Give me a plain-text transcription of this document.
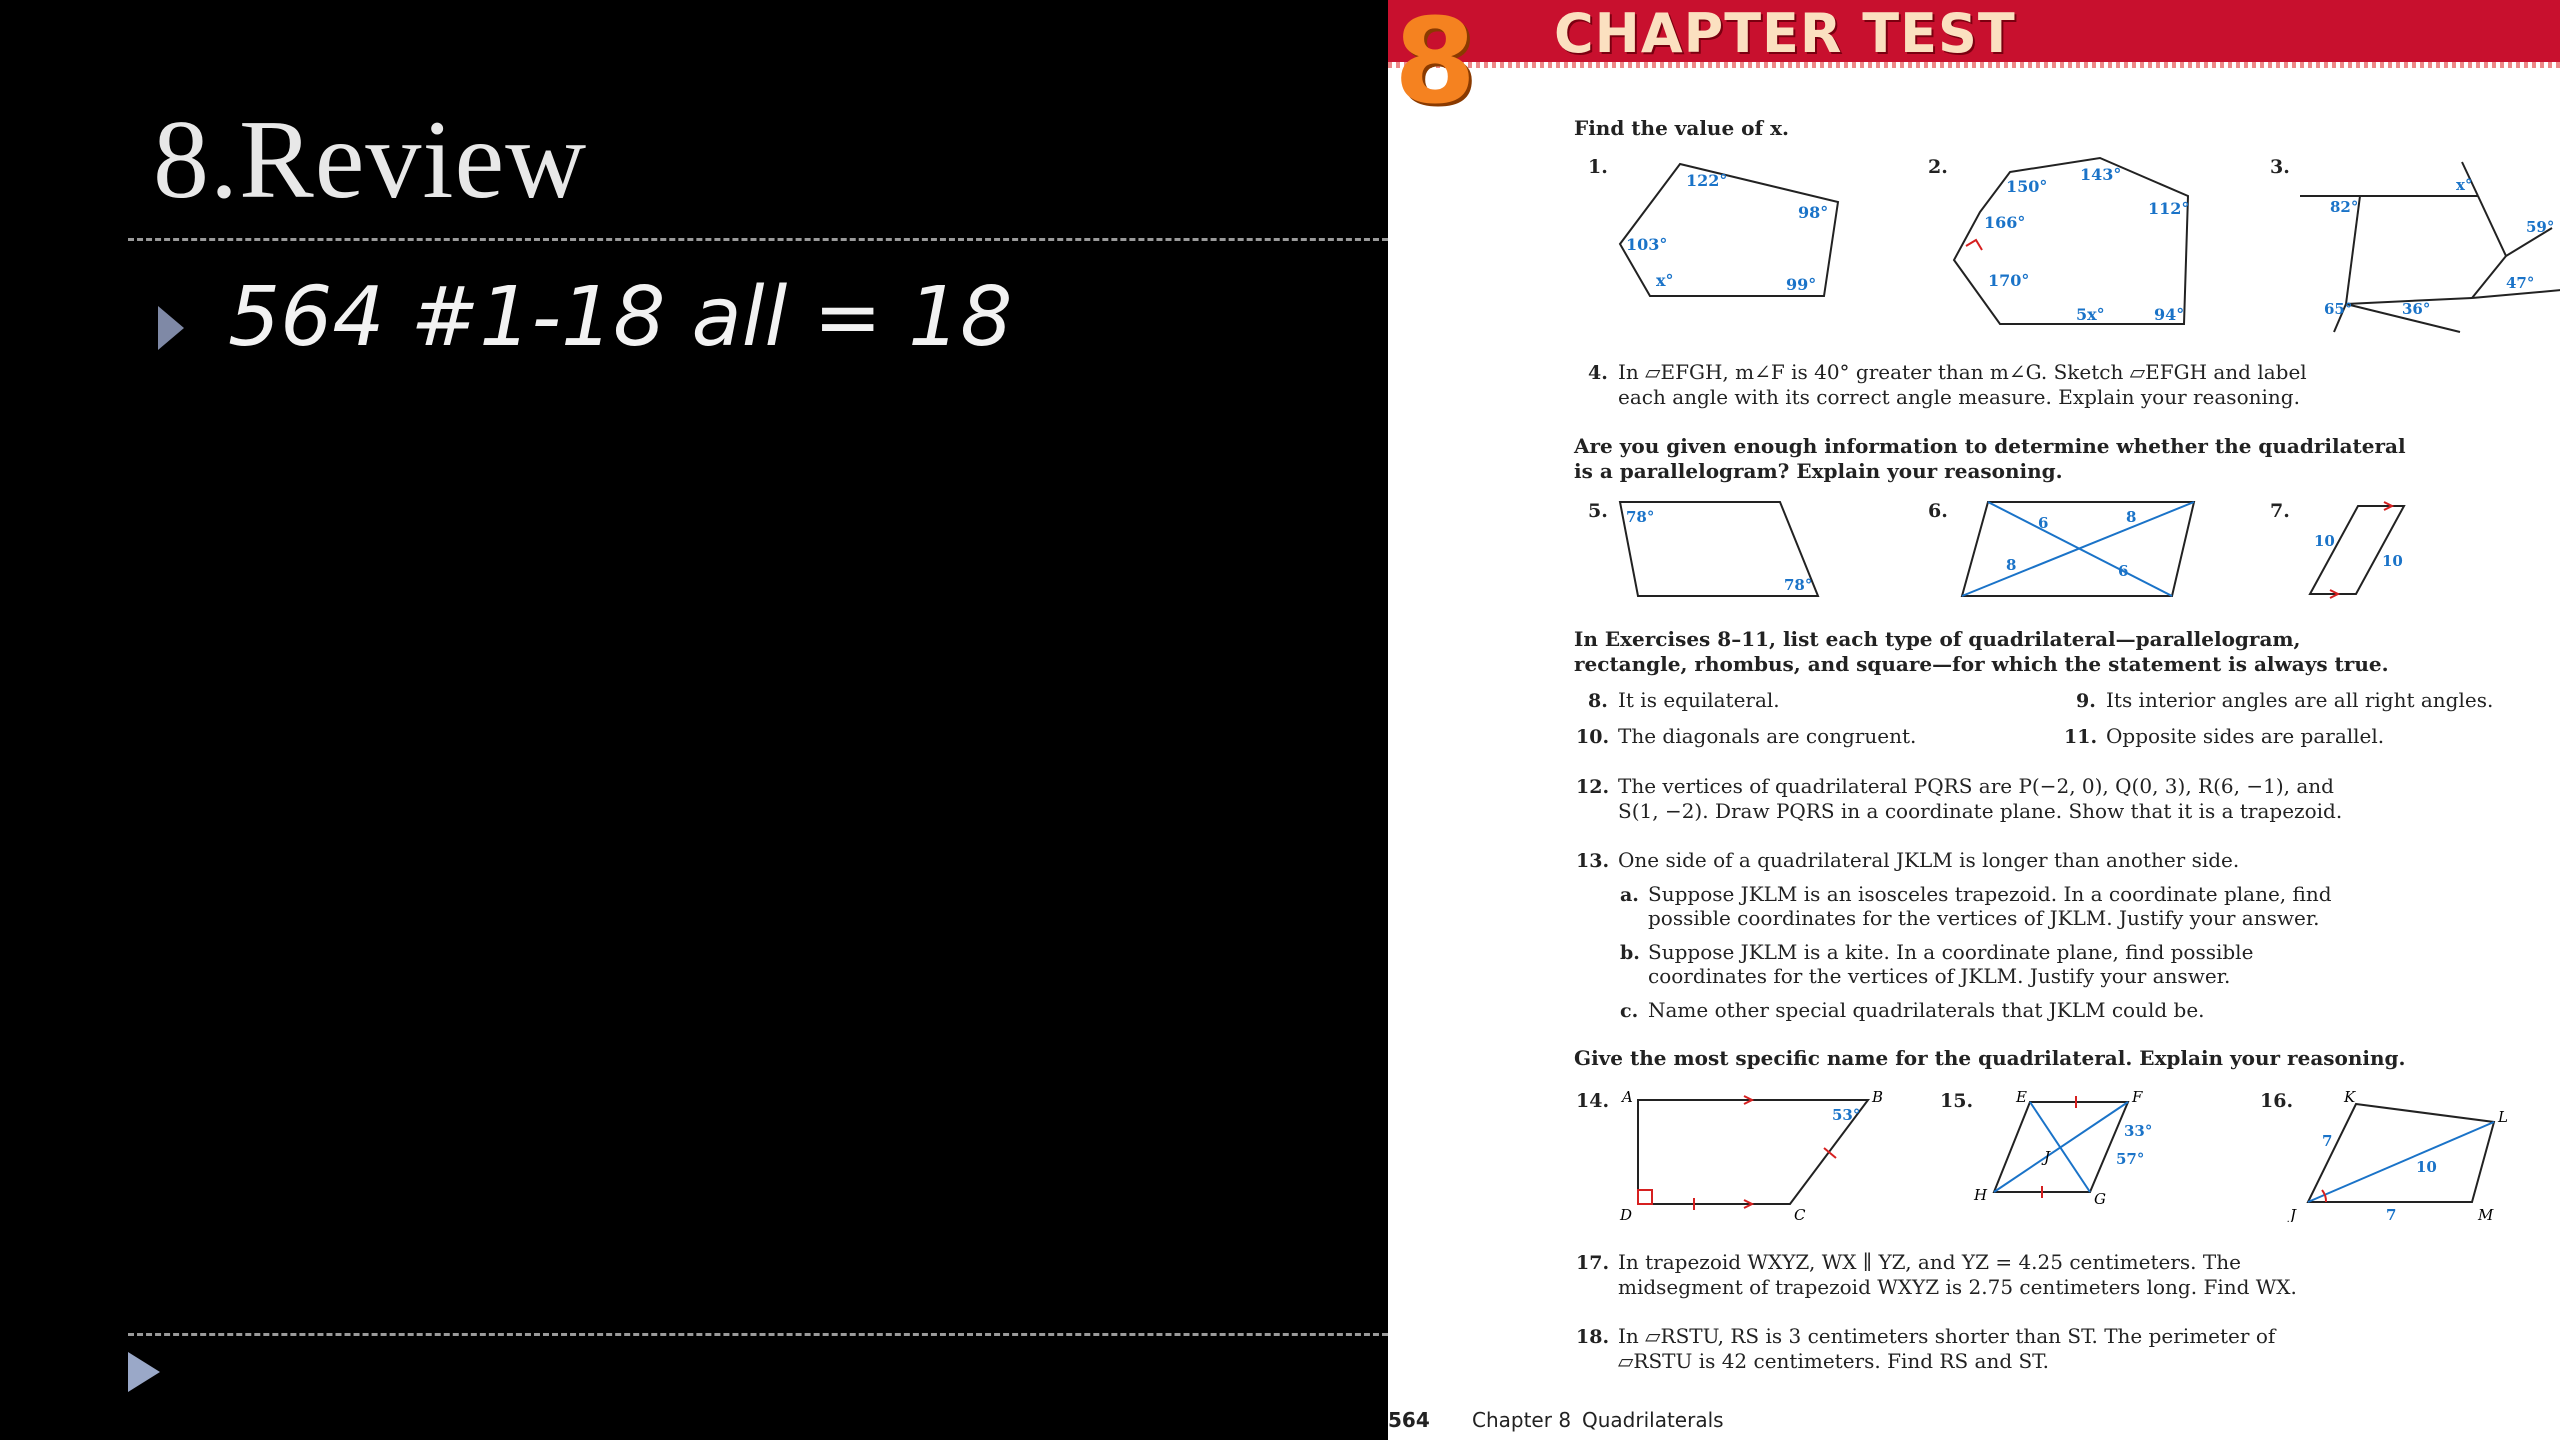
8.Review
564 #1-18 all = 18
8 CHAPTER TEST
Find the value of x.
1.	2.	3.
122°
98°
103°
x°	99°
150°
143°
166°
112°
170°
5x°	94°
82°
x°
59°
47°
65°	36°
4. In ▱EFGH, m∠F is 40° greater than m∠G. Sketch ▱EFGH and label
each angle with its correct angle measure. Explain your reasoning.
Are you given enough information to determine whether the quadrilateral
is a parallelogram? Explain your reasoning.
5.	6.	7.
78°
78°
6	8
8	6
10
10
In Exercises 8–11, list each type of quadrilateral—parallelogram,
rectangle, rhombus, and square—for which the statement is always true.
8. It is equilateral.	9. Its interior angles are all right angles.
10. The diagonals are congruent.	11. Opposite sides are parallel.
12. The vertices of quadrilateral PQRS are P(−2, 0), Q(0, 3), R(6, −1), and
S(1, −2). Draw PQRS in a coordinate plane. Show that it is a trapezoid.
13. One side of a quadrilateral JKLM is longer than another side.
a. Suppose JKLM is an isosceles trapezoid. In a coordinate plane, find
possible coordinates for the vertices of JKLM. Justify your answer.
b. Suppose JKLM is a kite. In a coordinate plane, find possible
coordinates for the vertices of JKLM. Justify your answer.
c. Name other special quadrilaterals that JKLM could be.
Give the most specific name for the quadrilateral. Explain your reasoning.
14.	15.	16.
A	B
C
D
53°
E	F
G
H
J
33°
57°
K
L
M
J
7
10
7
17. In trapezoid WXYZ, WX ∥ YZ, and YZ = 4.25 centimeters. The
midsegment of trapezoid WXYZ is 2.75 centimeters long. Find WX.
18. In ▱RSTU, RS is 3 centimeters shorter than ST. The perimeter of
▱RSTU is 42 centimeters. Find RS and ST.
564 Chapter 8 Quadrilaterals
